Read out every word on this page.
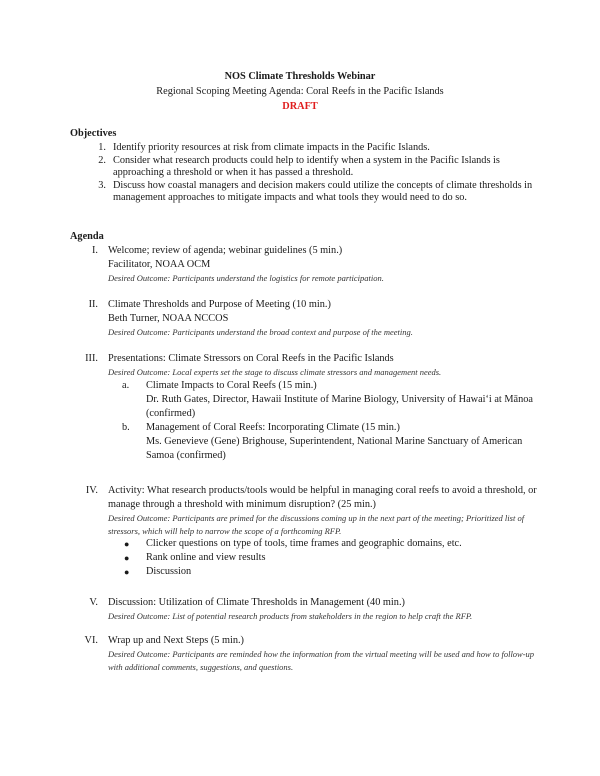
NOS Climate Thresholds Webinar
Regional Scoping Meeting Agenda: Coral Reefs in the Pacific Islands
DRAFT
Objectives
1. Identify priority resources at risk from climate impacts in the Pacific Islands.
2. Consider what research products could help to identify when a system in the Pacific Islands is approaching a threshold or when it has passed a threshold.
3. Discuss how coastal managers and decision makers could utilize the concepts of climate thresholds in management approaches to mitigate impacts and what tools they would need to do so.
Agenda
I. Welcome; review of agenda; webinar guidelines (5 min.)
Facilitator, NOAA OCM
Desired Outcome: Participants understand the logistics for remote participation.
II. Climate Thresholds and Purpose of Meeting (10 min.)
Beth Turner, NOAA NCCOS
Desired Outcome: Participants understand the broad context and purpose of the meeting.
III. Presentations: Climate Stressors on Coral Reefs in the Pacific Islands
Desired Outcome: Local experts set the stage to discuss climate stressors and management needs.
a.	Climate Impacts to Coral Reefs (15 min.)
Dr. Ruth Gates, Director, Hawaii Institute of Marine Biology, University of Hawaiʻi at Mānoa (confirmed)
b.	Management of Coral Reefs: Incorporating Climate (15 min.)
Ms. Genevieve (Gene) Brighouse, Superintendent, National Marine Sanctuary of American Samoa (confirmed)
IV. Activity: What research products/tools would be helpful in managing coral reefs to avoid a threshold, or manage through a threshold with minimum disruption? (25 min.)
Desired Outcome: Participants are primed for the discussions coming up in the next part of the meeting; Prioritized list of stressors, which will help to narrow the scope of a forthcoming RFP.
●	Clicker questions on type of tools, time frames and geographic domains, etc.
●	Rank online and view results
●	Discussion
V. Discussion: Utilization of Climate Thresholds in Management (40 min.)
Desired Outcome: List of potential research products from stakeholders in the region to help craft the RFP.
VI. Wrap up and Next Steps (5 min.)
Desired Outcome: Participants are reminded how the information from the virtual meeting will be used and how to follow-up with additional comments, suggestions, and questions.
